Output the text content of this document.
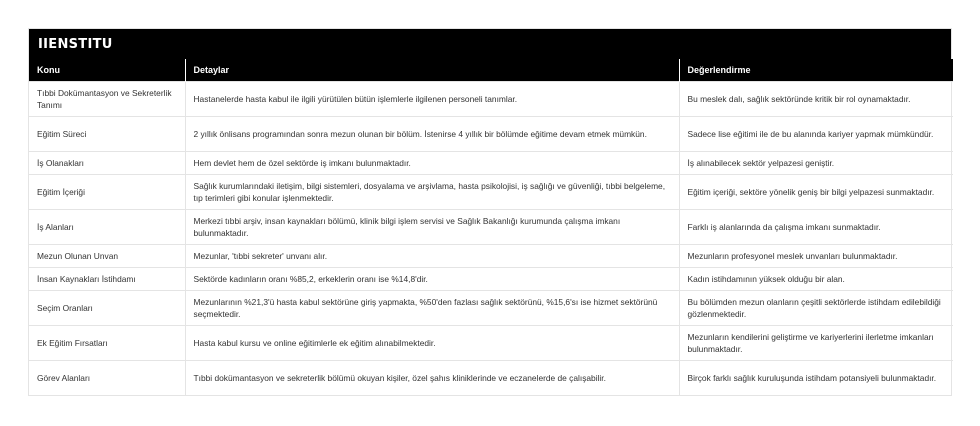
IIENSTITU
Konu	Detaylar	Değerlendirme
Tıbbi Dokümantasyon ve Sekreterlik Tanımı	Hastanelerde hasta kabul ile ilgili yürütülen bütün işlemlerle ilgilenen personeli tanımlar.	Bu meslek dalı, sağlık sektöründe kritik bir rol oynamaktadır.
Eğitim Süreci	2 yıllık önlisans programından sonra mezun olunan bir bölüm. İstenirse 4 yıllık bir bölümde eğitime devam etmek mümkün.	Sadece lise eğitimi ile de bu alanında kariyer yapmak mümkündür.
İş Olanakları	Hem devlet hem de özel sektörde iş imkanı bulunmaktadır.	İş alınabilecek sektör yelpazesi geniştir.
Eğitim İçeriği	Sağlık kurumlarındaki iletişim, bilgi sistemleri, dosyalama ve arşivlama, hasta psikolojisi, iş sağlığı ve güvenliği, tıbbi belgeleme, tıp terimleri gibi konular işlenmektedir.	Eğitim içeriği, sektöre yönelik geniş bir bilgi yelpazesi sunmaktadır.
İş Alanları	Merkezi tıbbi arşiv, insan kaynakları bölümü, klinik bilgi işlem servisi ve Sağlık Bakanlığı kurumunda çalışma imkanı bulunmaktadır.	Farklı iş alanlarında da çalışma imkanı sunmaktadır.
Mezun Olunan Unvan	Mezunlar, 'tıbbi sekreter' unvanı alır.	Mezunların profesyonel meslek unvanları bulunmaktadır.
İnsan Kaynakları İstihdamı	Sektörde kadınların oranı %85,2, erkeklerin oranı ise %14,8'dir.	Kadın istihdamının yüksek olduğu bir alan.
Seçim Oranları	Mezunlarının %21,3'ü hasta kabul sektörüne giriş yapmakta, %50'den fazlası sağlık sektörünü, %15,6'sı ise hizmet sektörünü seçmektedir.	Bu bölümden mezun olanların çeşitli sektörlerde istihdam edilebildiği gözlenmektedir.
Ek Eğitim Fırsatları	Hasta kabul kursu ve online eğitimlerle ek eğitim alınabilmektedir.	Mezunların kendilerini geliştirme ve kariyerlerini ilerletme imkanları bulunmaktadır.
Görev Alanları	Tıbbi dokümantasyon ve sekreterlik bölümü okuyan kişiler, özel şahıs kliniklerinde ve eczanelerde de çalışabilir.	Birçok farklı sağlık kuruluşunda istihdam potansiyeli bulunmaktadır.
